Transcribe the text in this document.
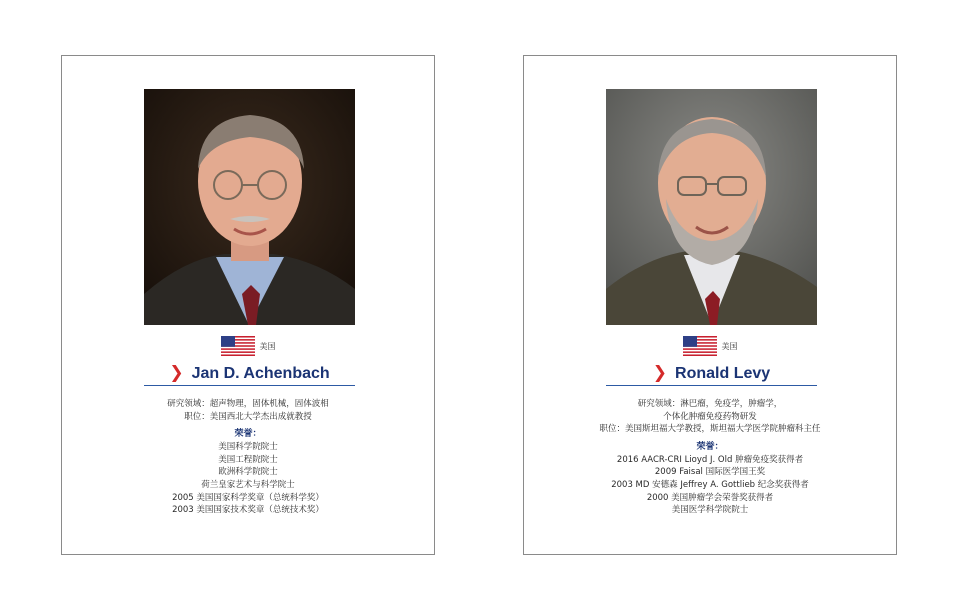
美国
❯ Jan D. Achenbach
研究领域：超声物理，固体机械，固体波相
职位：美国西北大学杰出成就教授
荣誉：
美国科学院院士
美国工程院院士
欧洲科学院院士
荷兰皇家艺术与科学院士
2005 美国国家科学奖章（总统科学奖）
2003 美国国家技术奖章（总统技术奖）
美国
❯ Ronald Levy
研究领域：淋巴瘤，免疫学，肿瘤学，
个体化肿瘤免疫药物研发
职位：美国斯坦福大学教授，斯坦福大学医学院肿瘤科主任
荣誉：
2016 AACR-CRI Lioyd J. Old 肿瘤免疫奖获得者
2009 Faisal 国际医学国王奖
2003 MD 安德森 Jeffrey A. Gottlieb 纪念奖获得者
2000 美国肿瘤学会荣誉奖获得者
美国医学科学院院士
